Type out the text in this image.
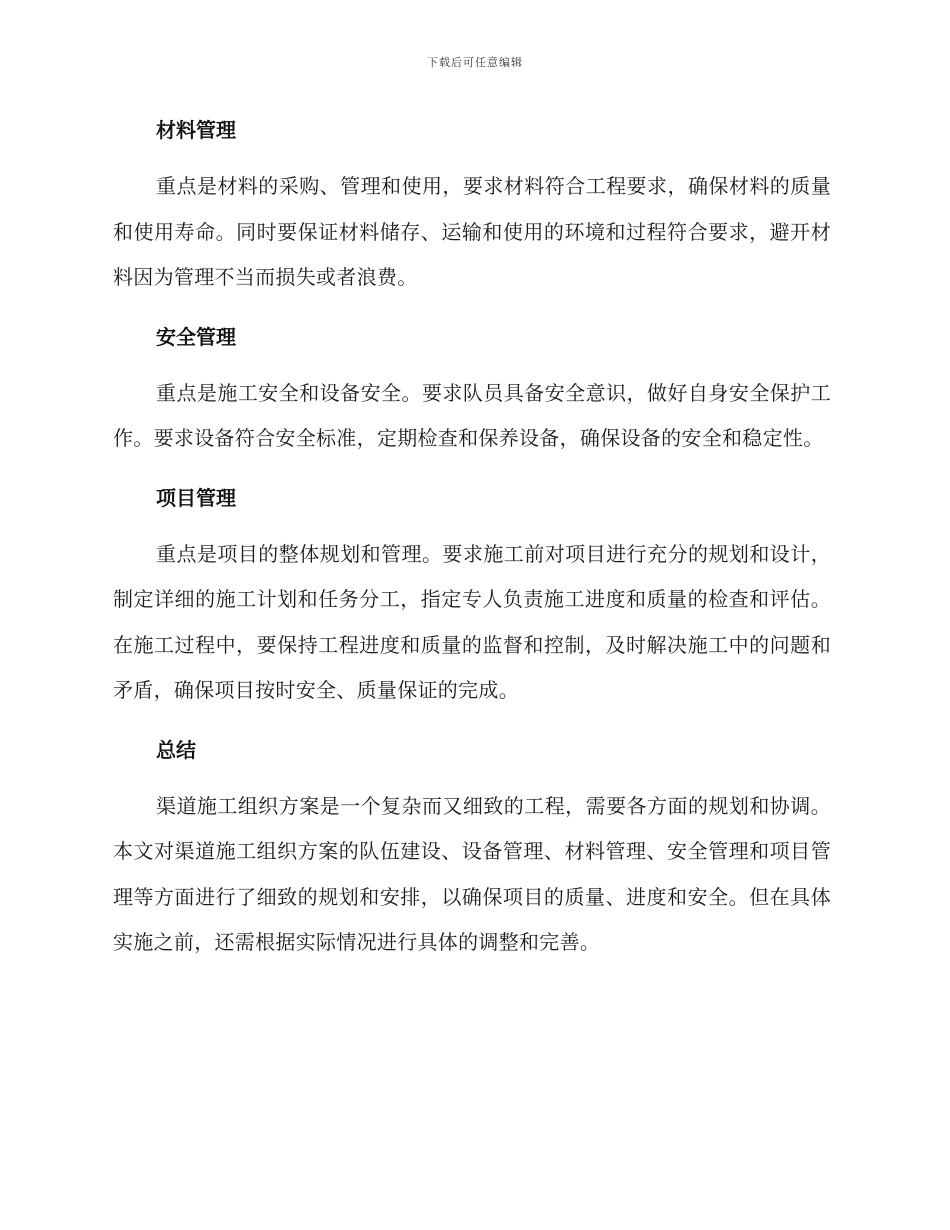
下载后可任意编辑
材料管理

重点是材料的采购、管理和使用，要求材料符合工程要求，确保材料的质量和使用寿命。同时要保证材料储存、运输和使用的环境和过程符合要求，避开材料因为管理不当而损失或者浪费。

安全管理

重点是施工安全和设备安全。要求队员具备安全意识，做好自身安全保护工作。要求设备符合安全标准，定期检查和保养设备，确保设备的安全和稳定性。

项目管理

重点是项目的整体规划和管理。要求施工前对项目进行充分的规划和设计，制定详细的施工计划和任务分工，指定专人负责施工进度和质量的检查和评估。在施工过程中，要保持工程进度和质量的监督和控制，及时解决施工中的问题和矛盾，确保项目按时安全、质量保证的完成。

总结

渠道施工组织方案是一个复杂而又细致的工程，需要各方面的规划和协调。本文对渠道施工组织方案的队伍建设、设备管理、材料管理、安全管理和项目管理等方面进行了细致的规划和安排，以确保项目的质量、进度和安全。但在具体实施之前，还需根据实际情况进行具体的调整和完善。
